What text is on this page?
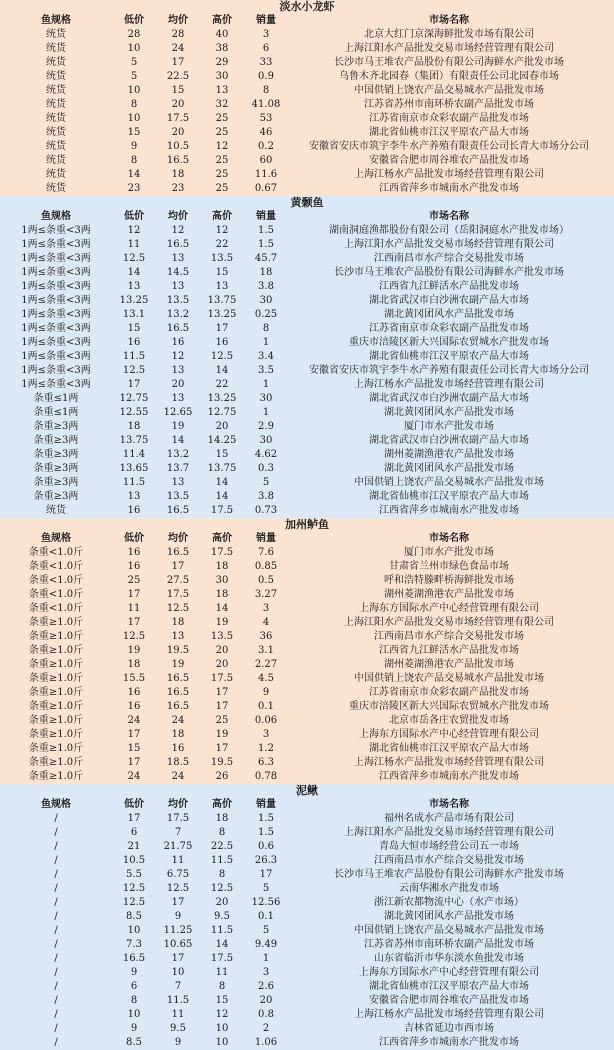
淡水小龙虾
鱼规格	低价	均价	高价	销量	市场名称
统货	28	28	40	3	北京大红门京深海鲜批发市场有限公司
统货	10	24	38	6	上海江阳水产品批发交易市场经营管理有限公司
统货	5	17	29	33	长沙市马王堆农产品股份有限公司海鲜水产批发市场
统货	5	22.5	30	0.9	乌鲁木齐北园春（集团）有限责任公司北园春市场
统货	10	15	13	8	中国供销上饶农产品交易城水产品批发市场
统货	8	20	32	41.08	江苏省苏州市南环桥农副产品批发市场
统货	10	17.5	25	53	江苏省南京市众彩农副产品批发市场
统货	15	20	25	46	湖北省仙桃市江汉平原农产品大市场
统货	9	10.5	12	0.2	安徽省安庆市筑宇李牛水产养殖有限责任公司长青大市场分公司
统货	8	16.5	25	60	安徽省合肥市周谷堆农产品批发市场
统货	14	18	25	11.6	上海江杨水产品批发市场经营管理有限公司
统货	23	23	25	0.67	江西省萍乡市城南水产批发市场
黄颡鱼
鱼规格	低价	均价	高价	销量	市场名称
1两≤条重<3两	12	12	12	1.5	湖南洞庭渔都股份有限公司（岳阳洞庭水产批发市场）
1两≤条重<3两	11	16.5	22	1.5	上海江阳水产品批发交易市场经营管理有限公司
1两≤条重<3两	12.5	13	13.5	45.7	江西南昌市水产综合交易批发市场
1两≤条重<3两	14	14.5	15	18	长沙市马王堆农产品股份有限公司海鲜水产批发市场
1两≤条重<3两	13	13	13	3.8	江西省九江鲜活水产品批发市场
1两≤条重<3两	13.25	13.5	13.75	30	湖北省武汉市白沙洲农副产品大市场
1两≤条重<3两	13.1	13.2	13.25	0.25	湖北黄冈团风水产品批发市场
1两≤条重<3两	15	16.5	17	8	江苏省南京市众彩农副产品批发市场
1两≤条重<3两	16	16	16	1	重庆市涪陵区新大兴国际农贸城水产批发市场
1两≤条重<3两	11.5	12	12.5	3.4	湖北省仙桃市江汉平原农产品大市场
1两≤条重<3两	12.5	13	14	3.5	安徽省安庆市筑宇李牛水产养殖有限责任公司长青大市场分公司
1两≤条重<3两	17	20	22	1	上海江杨水产品批发市场经营管理有限公司
条重≤1两	12.75	13	13.25	30	湖北省武汉市白沙洲农副产品大市场
条重≤1两	12.55	12.65	12.75	1	湖北黄冈团风水产品批发市场
条重≥3两	18	19	20	2.9	厦门市水产批发市场
条重≥3两	13.75	14	14.25	30	湖北省武汉市白沙洲农副产品大市场
条重≥3两	11.4	13.2	15	4.62	湖州菱湖渔港农产品批发市场
条重≥3两	13.65	13.7	13.75	0.3	湖北黄冈团风水产品批发市场
条重≥3两	11.5	13	14	5	中国供销上饶农产品交易城水产品批发市场
条重≥3两	13	13.5	14	3.8	湖北省仙桃市江汉平原农产品大市场
统货	16	16.5	17.5	0.73	江西省萍乡市城南水产批发市场
加州鲈鱼
鱼规格	低价	均价	高价	销量	市场名称
条重<1.0斤	16	16.5	17.5	7.6	厦门市水产批发市场
条重<1.0斤	16	17	18	0.85	甘肃省兰州市绿色食品市场
条重<1.0斤	25	27.5	30	0.5	呼和浩特滕畔桥海鲜批发市场
条重<1.0斤	17	17.5	18	3.27	湖州菱湖渔港农产品批发市场
条重<1.0斤	11	12.5	14	3	上海东方国际水产中心经营管理有限公司
条重≥1.0斤	17	18	19	4	上海江阳水产品批发交易市场经营管理有限公司
条重≥1.0斤	12.5	13	13.5	36	江西南昌市水产综合交易批发市场
条重≥1.0斤	19	19.5	20	3.1	江西省九江鲜活水产品批发市场
条重≥1.0斤	18	19	20	2.27	湖州菱湖渔港农产品批发市场
条重≥1.0斤	15.5	16.5	17.5	4.5	中国供销上饶农产品交易城水产品批发市场
条重≥1.0斤	16	16.5	17	9	江苏省南京市众彩农副产品批发市场
条重≥1.0斤	16	16.5	17	0.1	重庆市涪陵区新大兴国际农贸城水产批发市场
条重≥1.0斤	24	24	25	0.06	北京市岳各庄农贸批发市场
条重≥1.0斤	17	18	19	3	上海东方国际水产中心经营管理有限公司
条重≥1.0斤	15	16	17	1.2	湖北省仙桃市江汉平原农产品大市场
条重≥1.0斤	17	18.5	19.5	6.3	上海江杨水产品批发市场经营管理有限公司
条重≥1.0斤	24	24	26	0.78	江西省萍乡市城南水产批发市场
泥鳅
鱼规格	低价	均价	高价	销量	市场名称
/	17	17.5	18	1.5	福州名成水产品市场有限公司
/	6	7	8	1.5	上海江阳水产品批发交易市场经营管理有限公司
/	21	21.75	22.5	0.6	青岛大恒市场经营公司五一市场
/	10.5	11	11.5	26.3	江西南昌市水产综合交易批发市场
/	5.5	6.75	8	17	长沙市马王堆农产品股份有限公司海鲜水产批发市场
/	12.5	12.5	12.5	5	云南华湘水产批发市场
/	12.5	17	20	12.56	浙江新农都物流中心（水产市场）
/	8.5	9	9.5	0.1	湖北黄冈团风水产品批发市场
/	10	11.25	11.5	5	中国供销上饶农产品交易城水产品批发市场
/	7.3	10.65	14	9.49	江苏省苏州市南环桥农副产品批发市场
/	16.5	17	17.5	1	山东省临沂市华东淡水鱼批发市场
/	9	10	11	3	上海东方国际水产中心经营管理有限公司
/	6	7	8	2.6	湖北省仙桃市江汉平原农产品大市场
/	8	11.5	15	20	安徽省合肥市周谷堆农产品批发市场
/	10	11	12	0.8	上海江杨水产品批发市场经营管理有限公司
/	9	9.5	10	2	吉林省延边市西市场
/	8.5	9	10	1.06	江西省萍乡市城南水产批发市场
